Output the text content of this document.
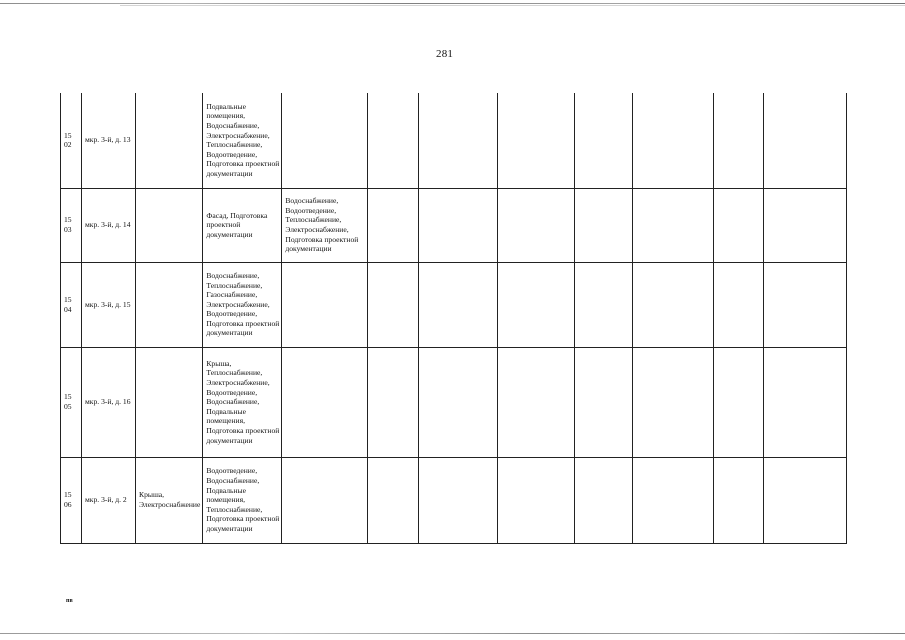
281
15
02	мкр. 3-й, д. 13		Подвальные помещения, Водоснабжение, Электроснабжение, Теплоснабжение, Водоотведение, Подготовка проектной документации								

15
03	мкр. 3-й, д. 14		Фасад, Подготовка проектной документации	Водоснабжение, Водоотведение, Теплоснабжение, Электроснабжение, Подготовка проектной документации							

15
04	мкр. 3-й, д. 15		Водоснабжение, Теплоснабжение, Газоснабжение, Электроснабжение, Водоотведение, Подготовка проектной документации								

15
05	мкр. 3-й, д. 16		Крыша, Теплоснабжение, Электроснабжение, Водоотведение, Водоснабжение, Подвальные помещения, Подготовка проектной документации								

15
06	мкр. 3-й, д. 2	Крыша, Электроснабжение	Водоотведение, Водоснабжение, Подвальные помещения, Теплоснабжение, Подготовка проектной документации								
пв
